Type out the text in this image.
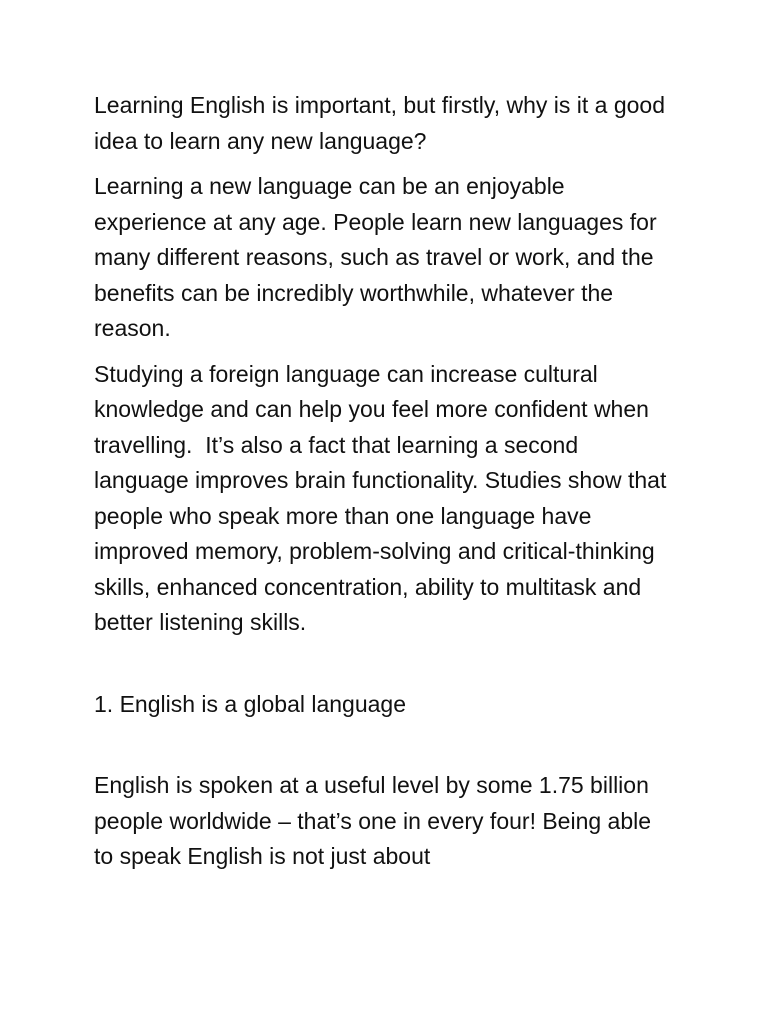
Learning English is important, but firstly, why is it a good idea to learn any new language?

Learning a new language can be an enjoyable experience at any age. People learn new languages for many different reasons, such as travel or work, and the benefits can be incredibly worthwhile, whatever the reason.

Studying a foreign language can increase cultural knowledge and can help you feel more confident when travelling.  It’s also a fact that learning a second language improves brain functionality. Studies show that people who speak more than one language have improved memory, problem-solving and critical-thinking skills, enhanced concentration, ability to multitask and better listening skills.

1. English is a global language

English is spoken at a useful level by some 1.75 billion people worldwide – that’s one in every four! Being able to speak English is not just about
